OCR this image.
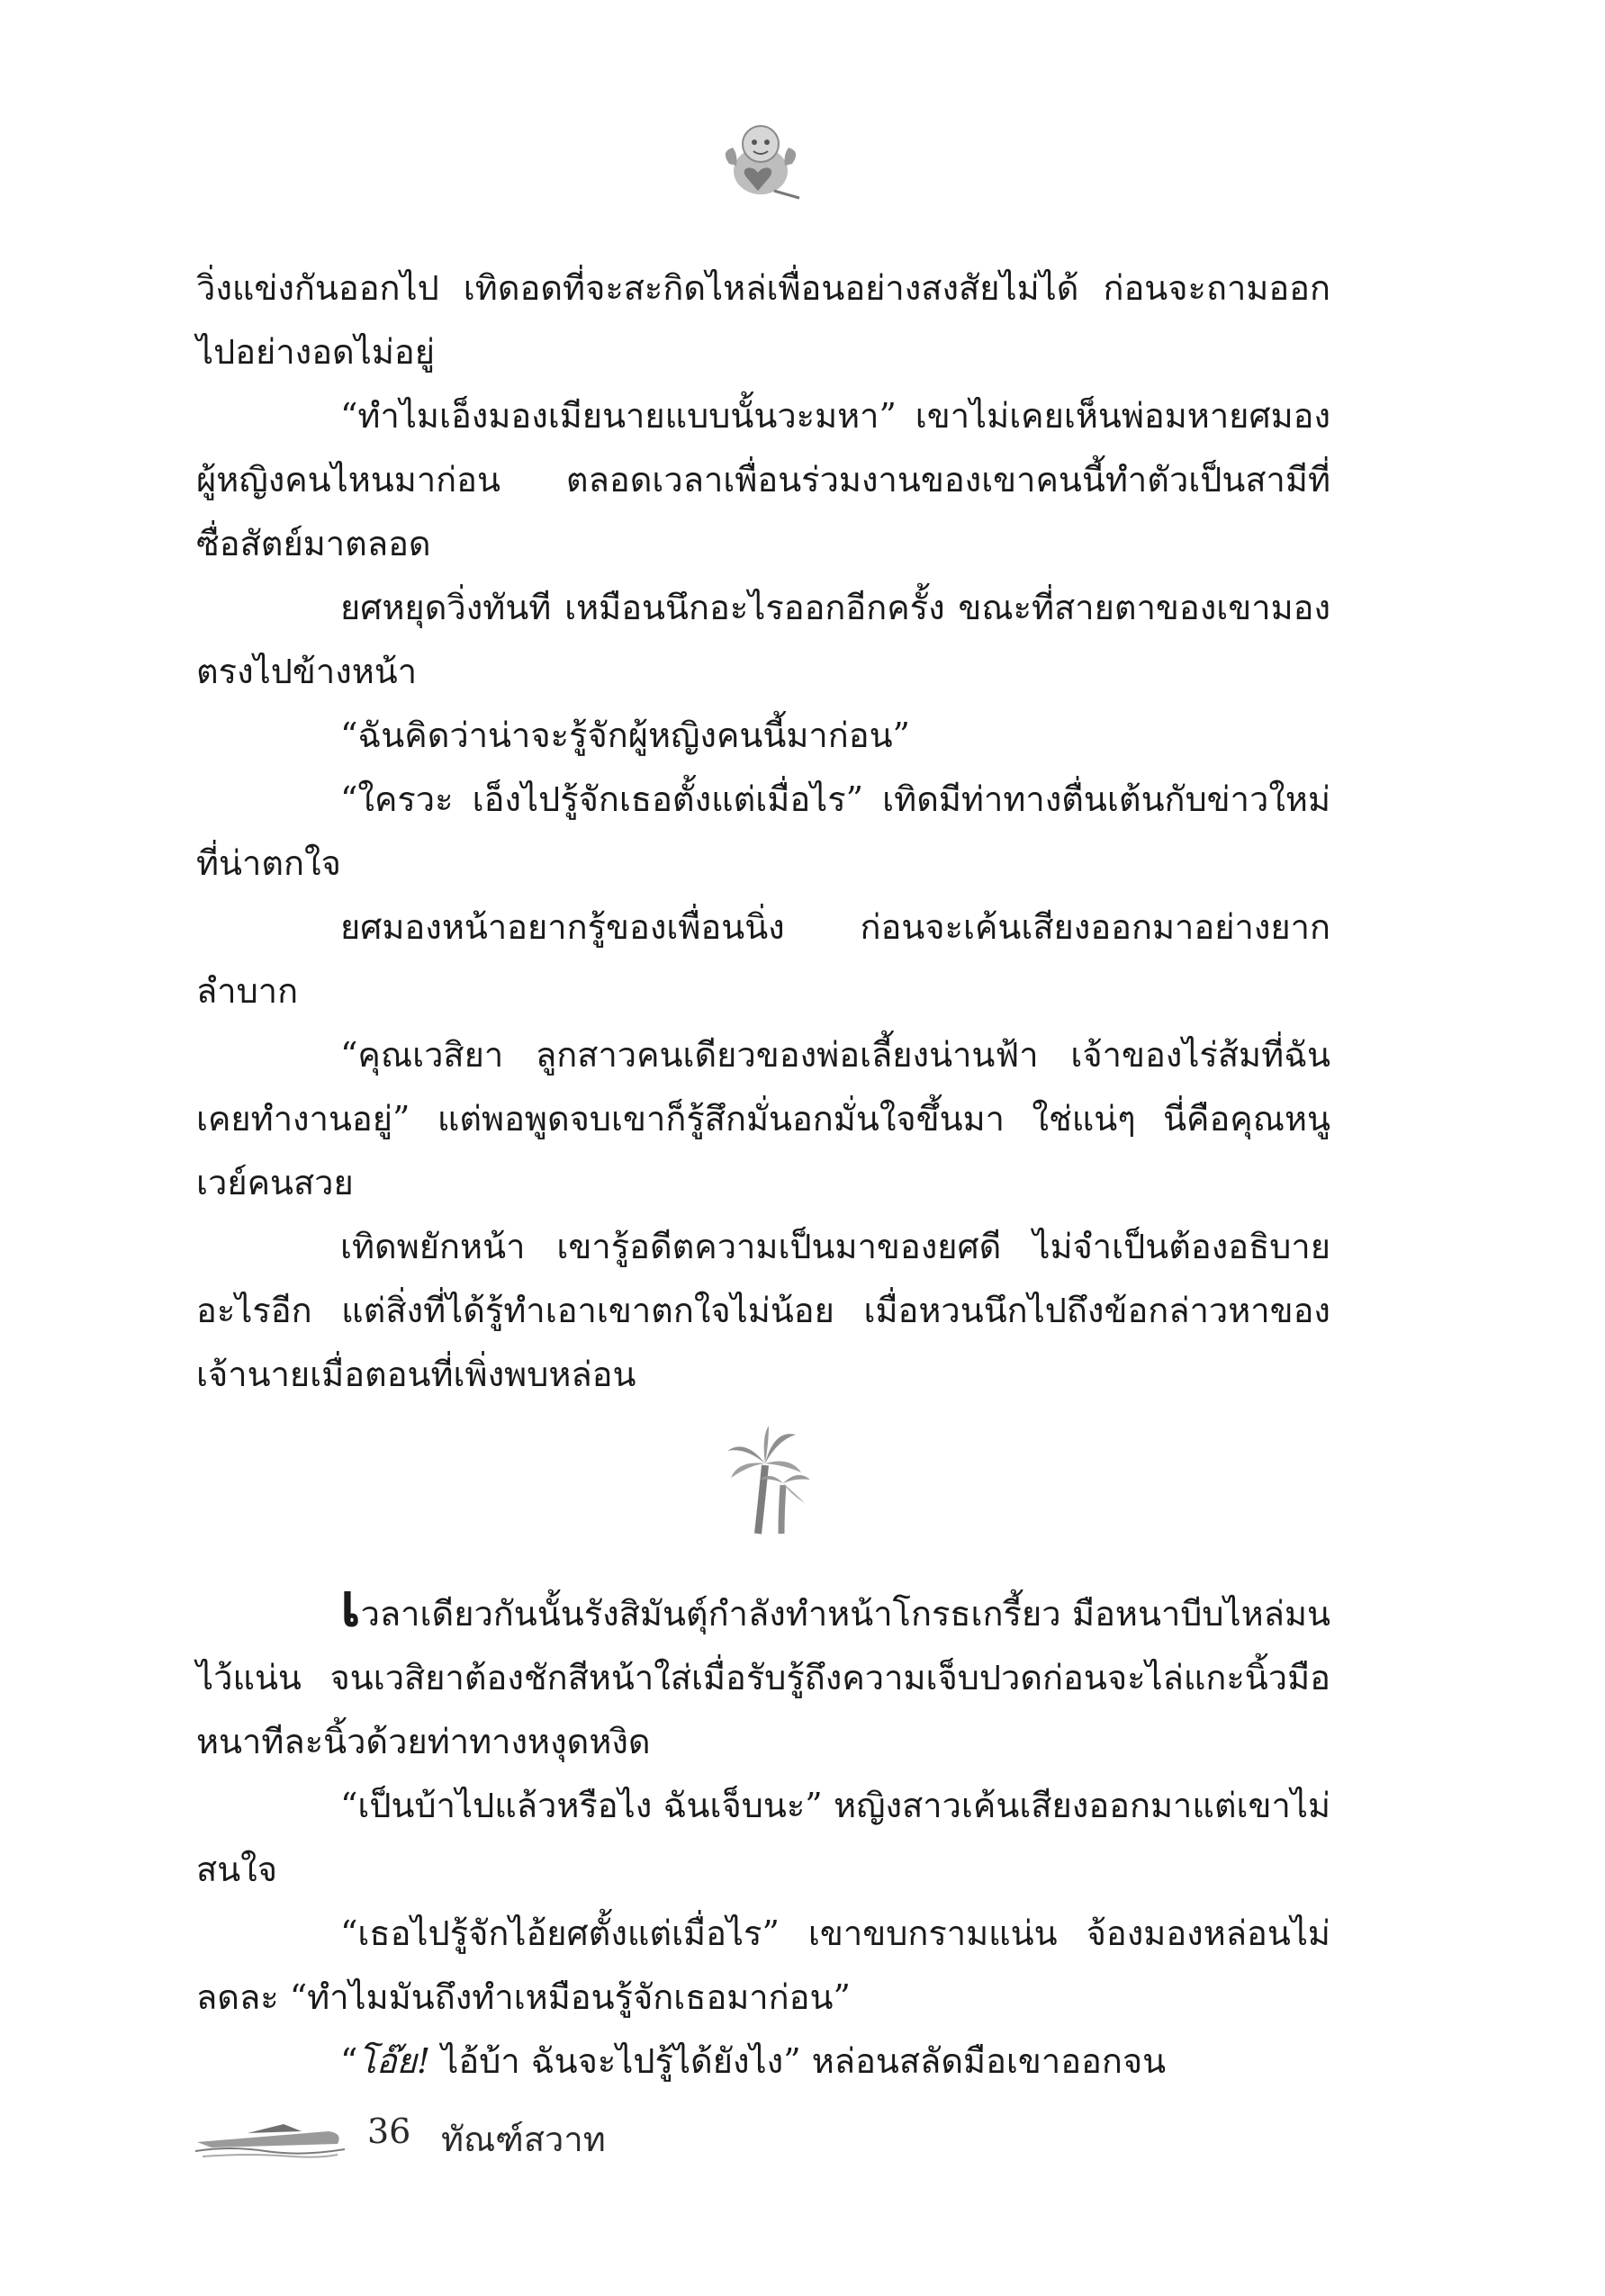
วิ่งแข่งกันออกไป เทิดอดที่จะสะกิดไหล่เพื่อนอย่างสงสัยไม่ได้ ก่อนจะถามออกไปอย่างอดไม่อยู่

“ทำไมเอ็งมองเมียนายแบบนั้นวะมหา” เขาไม่เคยเห็นพ่อมหายศมองผู้หญิงคนไหนมาก่อน ตลอดเวลาเพื่อนร่วมงานของเขาคนนี้ทำตัวเป็นสามีที่ซื่อสัตย์มาตลอด

ยศหยุดวิ่งทันที เหมือนนึกอะไรออกอีกครั้ง ขณะที่สายตาของเขามองตรงไปข้างหน้า

“ฉันคิดว่าน่าจะรู้จักผู้หญิงคนนี้มาก่อน”

“ใครวะ เอ็งไปรู้จักเธอตั้งแต่เมื่อไร” เทิดมีท่าทางตื่นเต้นกับข่าวใหม่ที่น่าตกใจ

ยศมองหน้าอยากรู้ของเพื่อนนิ่ง ก่อนจะเค้นเสียงออกมาอย่างยากลำบาก

“คุณเวสิยา ลูกสาวคนเดียวของพ่อเลี้ยงน่านฟ้า เจ้าของไร่ส้มที่ฉันเคยทำงานอยู่” แต่พอพูดจบเขาก็รู้สึกมั่นอกมั่นใจขึ้นมา ใช่แน่ๆ นี่คือคุณหนูเวย์คนสวย

เทิดพยักหน้า เขารู้อดีตความเป็นมาของยศดี ไม่จำเป็นต้องอธิบายอะไรอีก แต่สิ่งที่ได้รู้ทำเอาเขาตกใจไม่น้อย เมื่อหวนนึกไปถึงข้อกล่าวหาของเจ้านายเมื่อตอนที่เพิ่งพบหล่อน

เวลาเดียวกันนั้นรังสิมันตุ์กำลังทำหน้าโกรธเกรี้ยว มือหนาบีบไหล่มนไว้แน่น จนเวสิยาต้องชักสีหน้าใส่เมื่อรับรู้ถึงความเจ็บปวดก่อนจะไล่แกะนิ้วมือหนาทีละนิ้วด้วยท่าทางหงุดหงิด

“เป็นบ้าไปแล้วหรือไง ฉันเจ็บนะ” หญิงสาวเค้นเสียงออกมาแต่เขาไม่สนใจ

“เธอไปรู้จักไอ้ยศตั้งแต่เมื่อไร” เขาขบกรามแน่น จ้องมองหล่อนไม่ลดละ “ทำไมมันถึงทำเหมือนรู้จักเธอมาก่อน”

“โอ๊ย! ไอ้บ้า ฉันจะไปรู้ได้ยังไง” หล่อนสลัดมือเขาออกจน

36 ทัณฑ์สวาท
